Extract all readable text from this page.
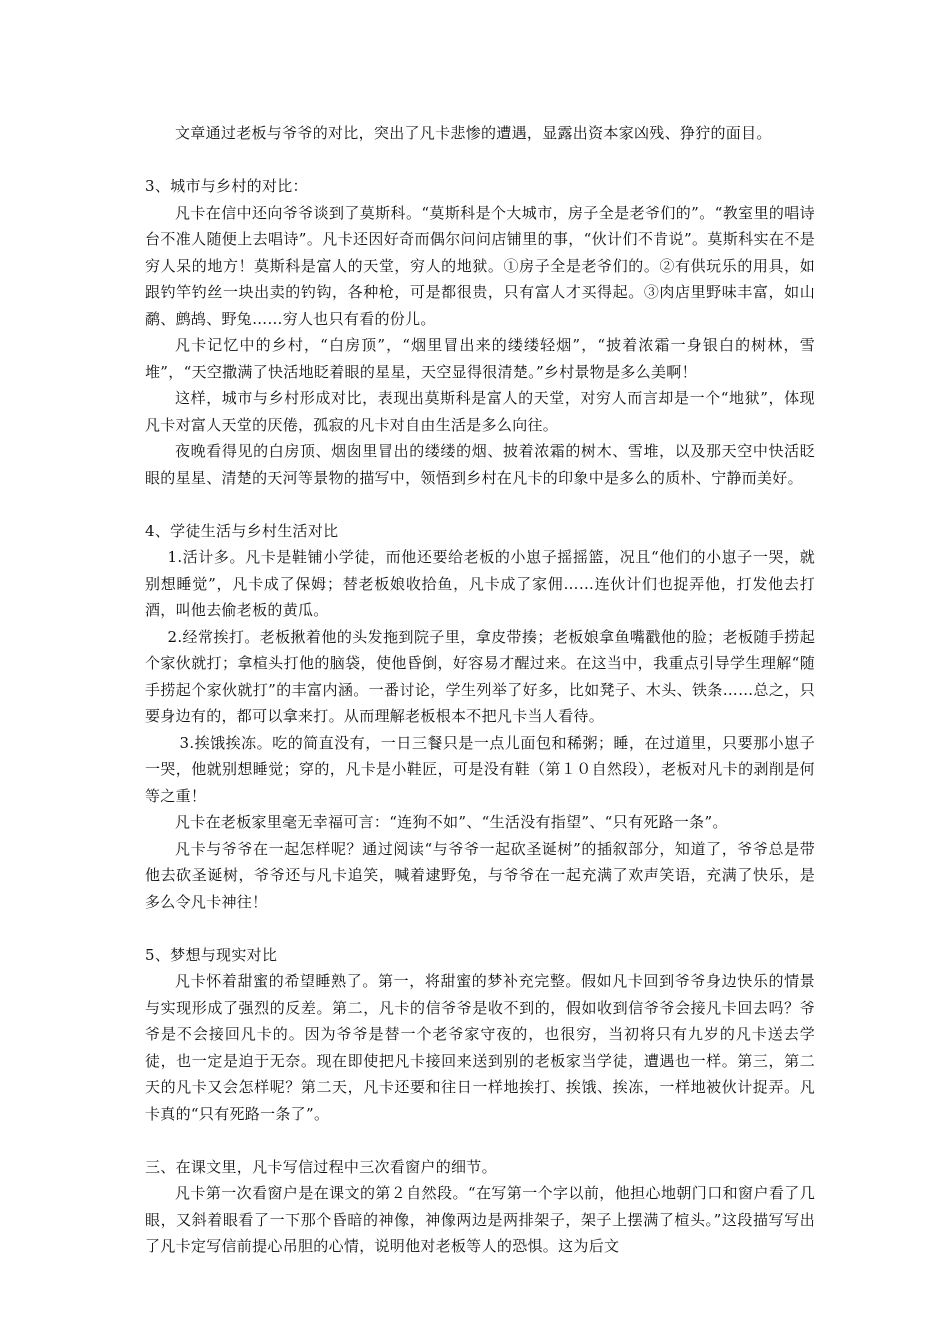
文章通过老板与爷爷的对比，突出了凡卡悲惨的遭遇，显露出资本家凶残、狰狞的面目。

3、城市与乡村的对比：

凡卡在信中还向爷爷谈到了莫斯科。“莫斯科是个大城市，房子全是老爷们的”。“教室里的唱诗台不准人随便上去唱诗”。凡卡还因好奇而偶尔问问店铺里的事，“伙计们不肯说”。莫斯科实在不是穷人呆的地方！莫斯科是富人的天堂，穷人的地狱。①房子全是老爷们的。②有供玩乐的用具，如跟钓竿钓丝一块出卖的钓钩，各种枪，可是都很贵，只有富人才买得起。③肉店里野味丰富，如山鹬、鹧鸪、野兔……穷人也只有看的份儿。

凡卡记忆中的乡村，“白房顶”，“烟里冒出来的缕缕轻烟”，“披着浓霜一身银白的树林，雪堆”，“天空撒满了快活地眨着眼的星星，天空显得很清楚。”乡村景物是多么美啊！

这样，城市与乡村形成对比，表现出莫斯科是富人的天堂，对穷人而言却是一个“地狱”，体现凡卡对富人天堂的厌倦，孤寂的凡卡对自由生活是多么向往。

夜晚看得见的白房顶、烟囱里冒出的缕缕的烟、披着浓霜的树木、雪堆，以及那天空中快活眨眼的星星、清楚的天河等景物的描写中，领悟到乡村在凡卡的印象中是多么的质朴、宁静而美好。

4、学徒生活与乡村生活对比

1.活计多。凡卡是鞋铺小学徒，而他还要给老板的小崽子摇摇篮，况且“他们的小崽子一哭，就别想睡觉”，凡卡成了保姆；替老板娘收拾鱼，凡卡成了家佣……连伙计们也捉弄他，打发他去打酒，叫他去偷老板的黄瓜。

2.经常挨打。老板揪着他的头发拖到院子里，拿皮带揍；老板娘拿鱼嘴戳他的脸；老板随手捞起个家伙就打；拿楦头打他的脑袋，使他昏倒，好容易才醒过来。在这当中，我重点引导学生理解“随手捞起个家伙就打”的丰富内涵。一番讨论，学生列举了好多，比如凳子、木头、铁条……总之，只要身边有的，都可以拿来打。从而理解老板根本不把凡卡当人看待。

3.挨饿挨冻。吃的简直没有，一日三餐只是一点儿面包和稀粥；睡，在过道里，只要那小崽子一哭，他就别想睡觉；穿的，凡卡是小鞋匠，可是没有鞋（第１０自然段），老板对凡卡的剥削是何等之重！

凡卡在老板家里毫无幸福可言：“连狗不如”、“生活没有指望”、“只有死路一条”。

凡卡与爷爷在一起怎样呢？通过阅读“与爷爷一起砍圣诞树”的插叙部分，知道了，爷爷总是带他去砍圣诞树，爷爷还与凡卡追笑，喊着逮野兔，与爷爷在一起充满了欢声笑语，充满了快乐，是多么令凡卡神往！

5、梦想与现实对比

凡卡怀着甜蜜的希望睡熟了。第一，将甜蜜的梦补充完整。假如凡卡回到爷爷身边快乐的情景与实现形成了强烈的反差。第二，凡卡的信爷爷是收不到的，假如收到信爷爷会接凡卡回去吗？爷爷是不会接回凡卡的。因为爷爷是替一个老爷家守夜的，也很穷，当初将只有九岁的凡卡送去学徒，也一定是迫于无奈。现在即使把凡卡接回来送到别的老板家当学徒，遭遇也一样。第三，第二天的凡卡又会怎样呢？第二天，凡卡还要和往日一样地挨打、挨饿、挨冻，一样地被伙计捉弄。凡卡真的“只有死路一条了”。

三、在课文里，凡卡写信过程中三次看窗户的细节。

凡卡第一次看窗户是在课文的第２自然段。“在写第一个字以前，他担心地朝门口和窗户看了几眼，又斜着眼看了一下那个昏暗的神像，神像两边是两排架子，架子上摆满了楦头。”这段描写写出了凡卡定写信前提心吊胆的心情，说明他对老板等人的恐惧。这为后文
